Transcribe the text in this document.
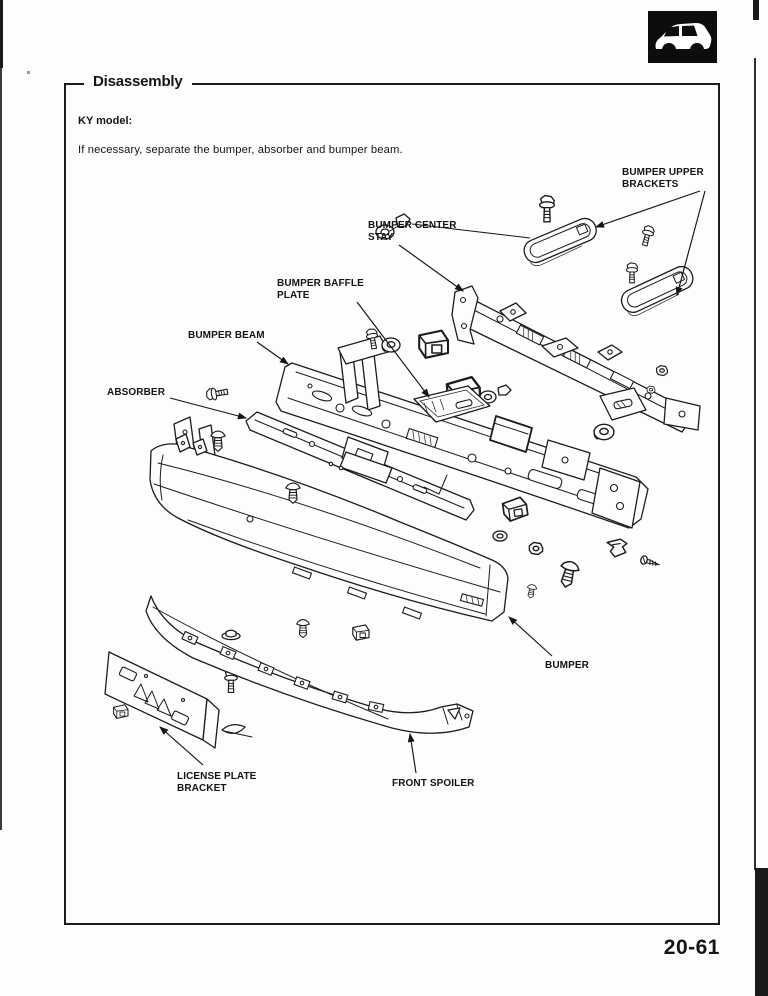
Disassembly
KY model:
If necessary, separate the bumper, absorber and bumper beam.
20-61
BUMPER UPPER
BRACKETS
BUMPER CENTER
STAY
BUMPER BAFFLE
PLATE
BUMPER BEAM
ABSORBER
BUMPER
LICENSE PLATE
BRACKET	FRONT SPOILER
